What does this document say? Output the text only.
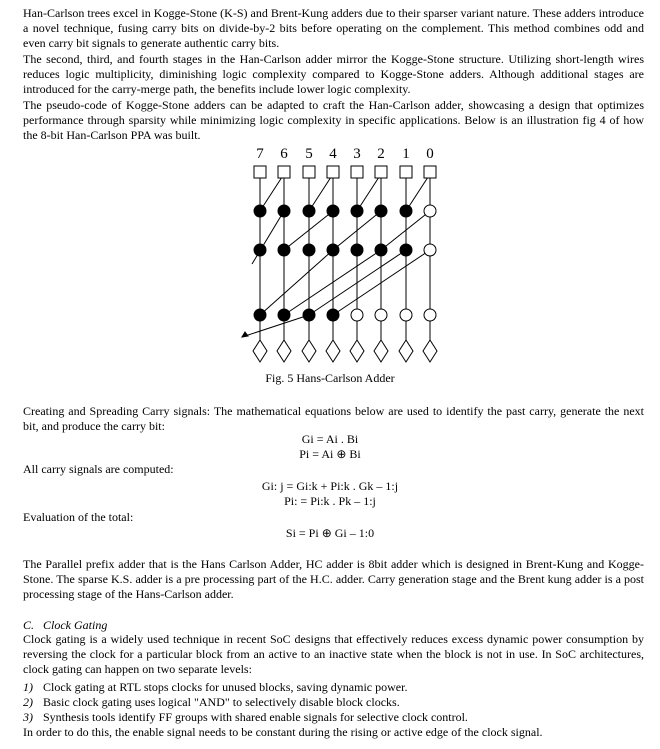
Han-Carlson trees excel in Kogge-Stone (K-S) and Brent-Kung adders due to their sparser variant nature. These adders introduce a novel technique, fusing carry bits on divide-by-2 bits before operating on the complement. This method combines odd and even carry bit signals to generate authentic carry bits.

The second, third, and fourth stages in the Han-Carlson adder mirror the Kogge-Stone structure. Utilizing short-length wires reduces logic multiplicity, diminishing logic complexity compared to Kogge-Stone adders. Although additional stages are introduced for the carry-merge path, the benefits include lower logic complexity.

The pseudo-code of Kogge-Stone adders can be adapted to craft the Han-Carlson adder, showcasing a design that optimizes performance through sparsity while minimizing logic complexity in specific applications. Below is an illustration fig 4 of how the 8-bit Han-Carlson PPA was built.

7 6 5 4 3 2 1 0
Fig. 5 Hans-Carlson Adder

Creating and Spreading Carry signals: The mathematical equations below are used to identify the past carry, generate the next bit, and produce the carry bit:

Gi = Ai . Bi
Pi = Ai ⊕ Bi
All carry signals are computed:
Gi: j = Gi:k + Pi:k . Gk – 1:j
Pi: = Pi:k . Pk – 1:j
Evaluation of the total:
Si = Pi ⊕ Gi – 1:0

The Parallel prefix adder that is the Hans Carlson Adder, HC adder is 8bit adder which is designed in Brent-Kung and Kogge-Stone. The sparse K.S. adder is a pre processing part of the H.C. adder. Carry generation stage and the Brent kung adder is a post processing stage of the Hans-Carlson adder.

C. Clock Gating

Clock gating is a widely used technique in recent SoC designs that effectively reduces excess dynamic power consumption by reversing the clock for a particular block from an active to an inactive state when the block is not in use. In SoC architectures, clock gating can happen on two separate levels:

1) Clock gating at RTL stops clocks for unused blocks, saving dynamic power.
2) Basic clock gating uses logical "AND" to selectively disable block clocks.
3) Synthesis tools identify FF groups with shared enable signals for selective clock control.

In order to do this, the enable signal needs to be constant during the rising or active edge of the clock signal.
